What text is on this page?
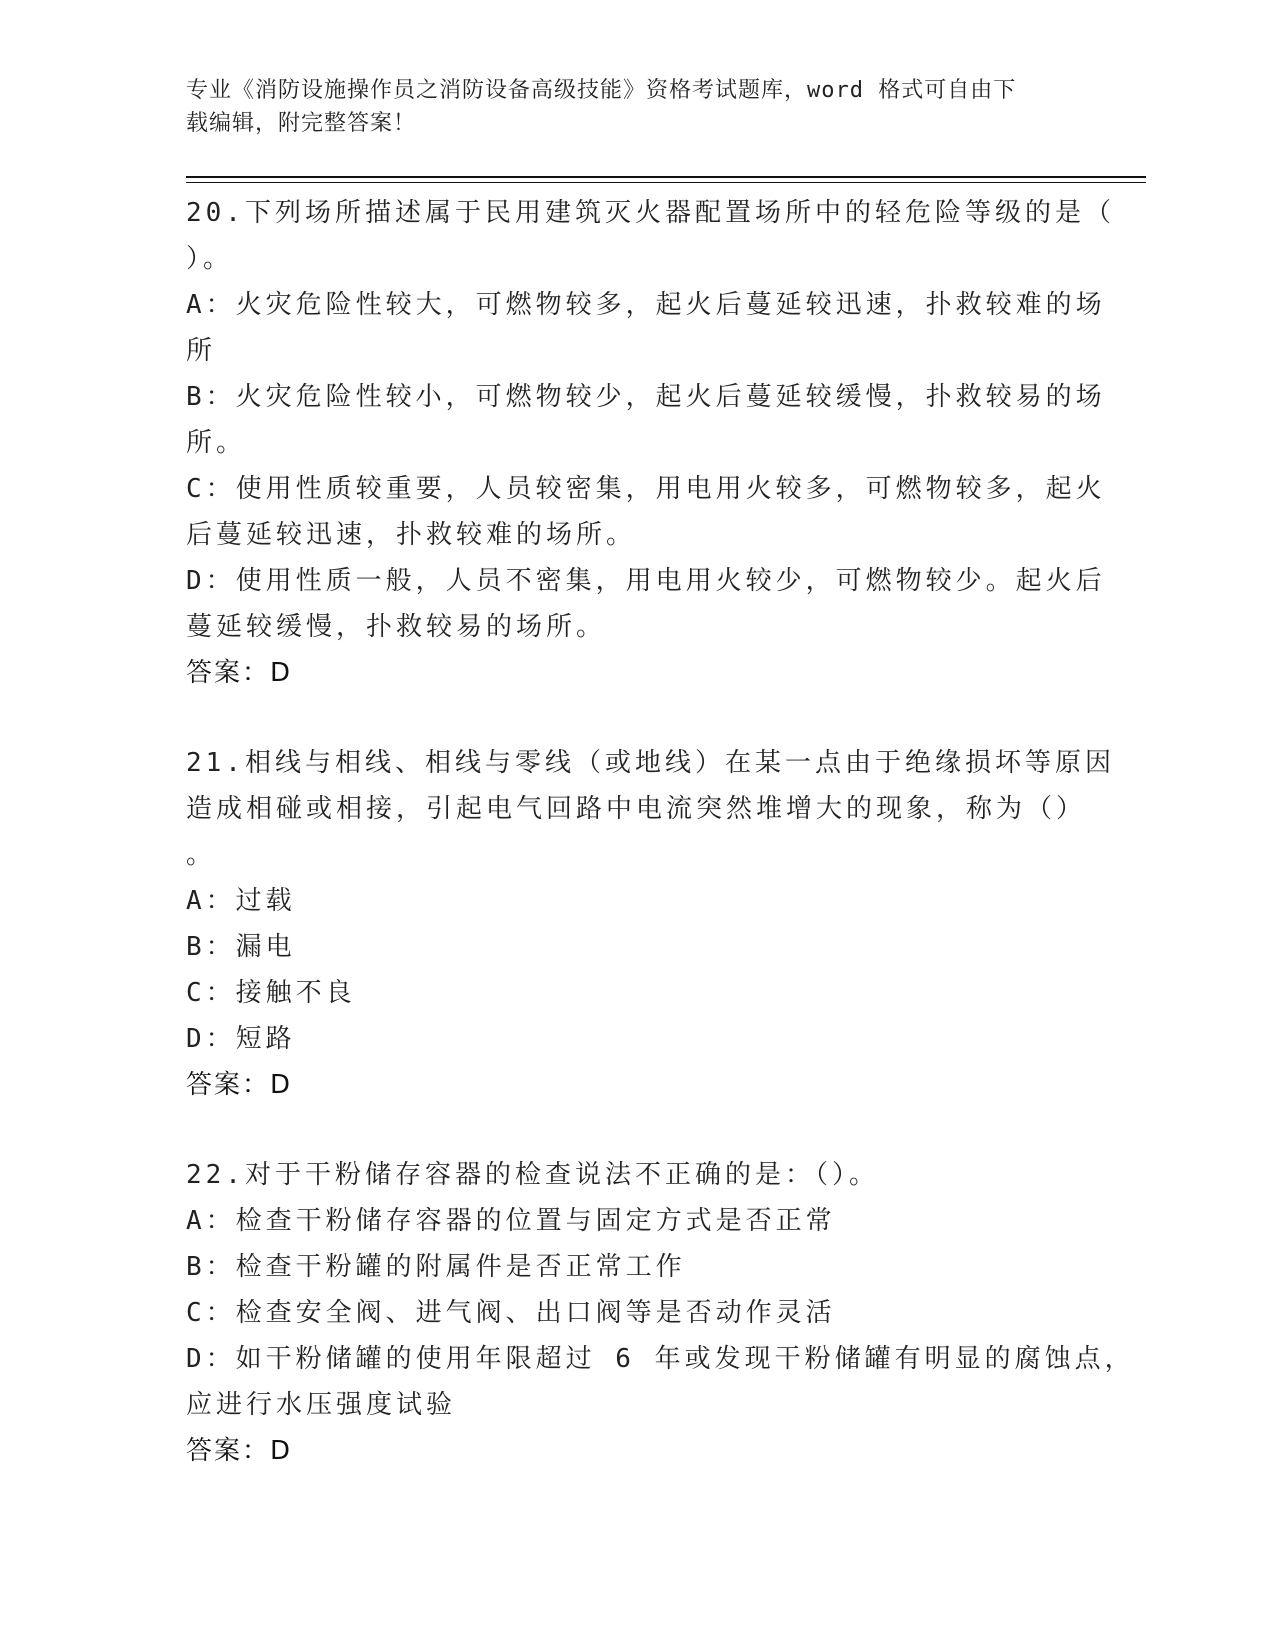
专业《消防设施操作员之消防设备高级技能》资格考试题库，word 格式可自由下
载编辑，附完整答案！
20.下列场所描述属于民用建筑灭火器配置场所中的轻危险等级的是（
）。
A：火灾危险性较大，可燃物较多，起火后蔓延较迅速，扑救较难的场
所
B：火灾危险性较小，可燃物较少，起火后蔓延较缓慢，扑救较易的场
所。
C：使用性质较重要，人员较密集，用电用火较多，可燃物较多，起火
后蔓延较迅速，扑救较难的场所。
D：使用性质一般，人员不密集，用电用火较少，可燃物较少。起火后
蔓延较缓慢，扑救较易的场所。
答案：D
21.相线与相线、相线与零线（或地线）在某一点由于绝缘损坏等原因
造成相碰或相接，引起电气回路中电流突然堆增大的现象，称为（）
。
A：过载
B：漏电
C：接触不良
D：短路
答案：D
22.对于干粉储存容器的检查说法不正确的是：（）。
A：检查干粉储存容器的位置与固定方式是否正常
B：检查干粉罐的附属件是否正常工作
C：检查安全阀、进气阀、出口阀等是否动作灵活
D：如干粉储罐的使用年限超过 6 年或发现干粉储罐有明显的腐蚀点，
应进行水压强度试验
答案：D
